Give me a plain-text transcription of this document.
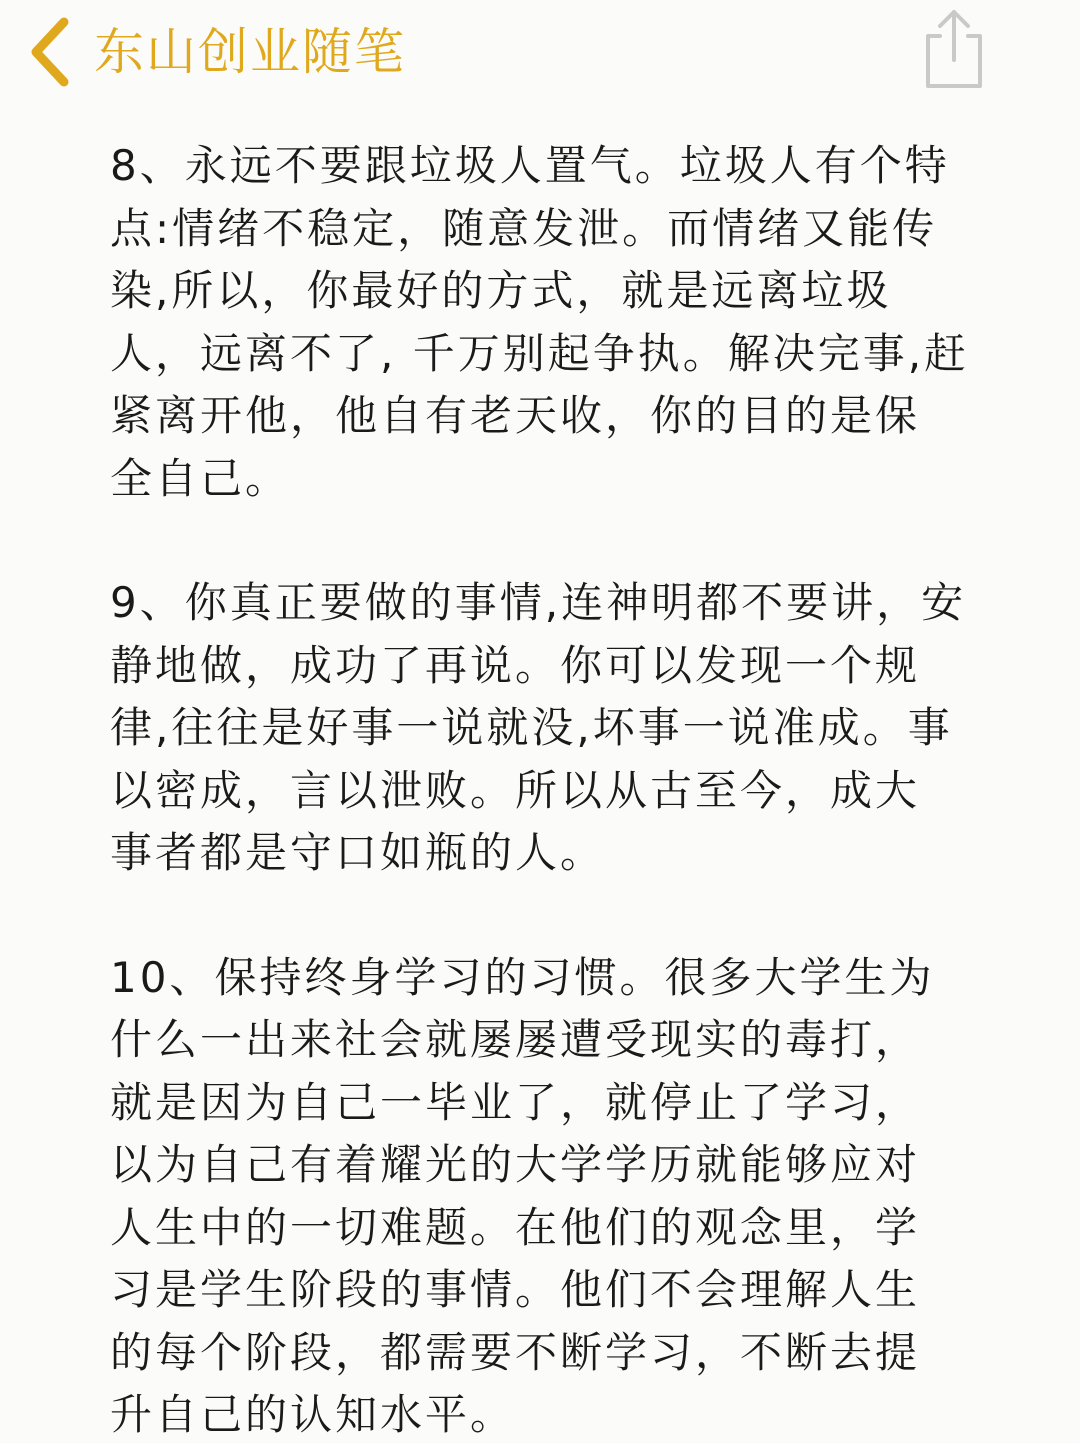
东山创业随笔
8、永远不要跟垃圾人置气。垃圾人有个特
点:情绪不稳定，随意发泄。而情绪又能传
染,所以，你最好的方式，就是远离垃圾
人，远离不了, 千万别起争执。解决完事,赶
紧离开他，他自有老天收，你的目的是保
全自己。
9、你真正要做的事情,连神明都不要讲，安
静地做，成功了再说。你可以发现一个规
律,往往是好事一说就没,坏事一说准成。事
以密成，言以泄败。所以从古至今，成大
事者都是守口如瓶的人。
10、保持终身学习的习惯。很多大学生为
什么一出来社会就屡屡遭受现实的毒打，
就是因为自己一毕业了，就停止了学习，
以为自己有着耀光的大学学历就能够应对
人生中的一切难题。在他们的观念里，学
习是学生阶段的事情。他们不会理解人生
的每个阶段，都需要不断学习，不断去提
升自己的认知水平。
